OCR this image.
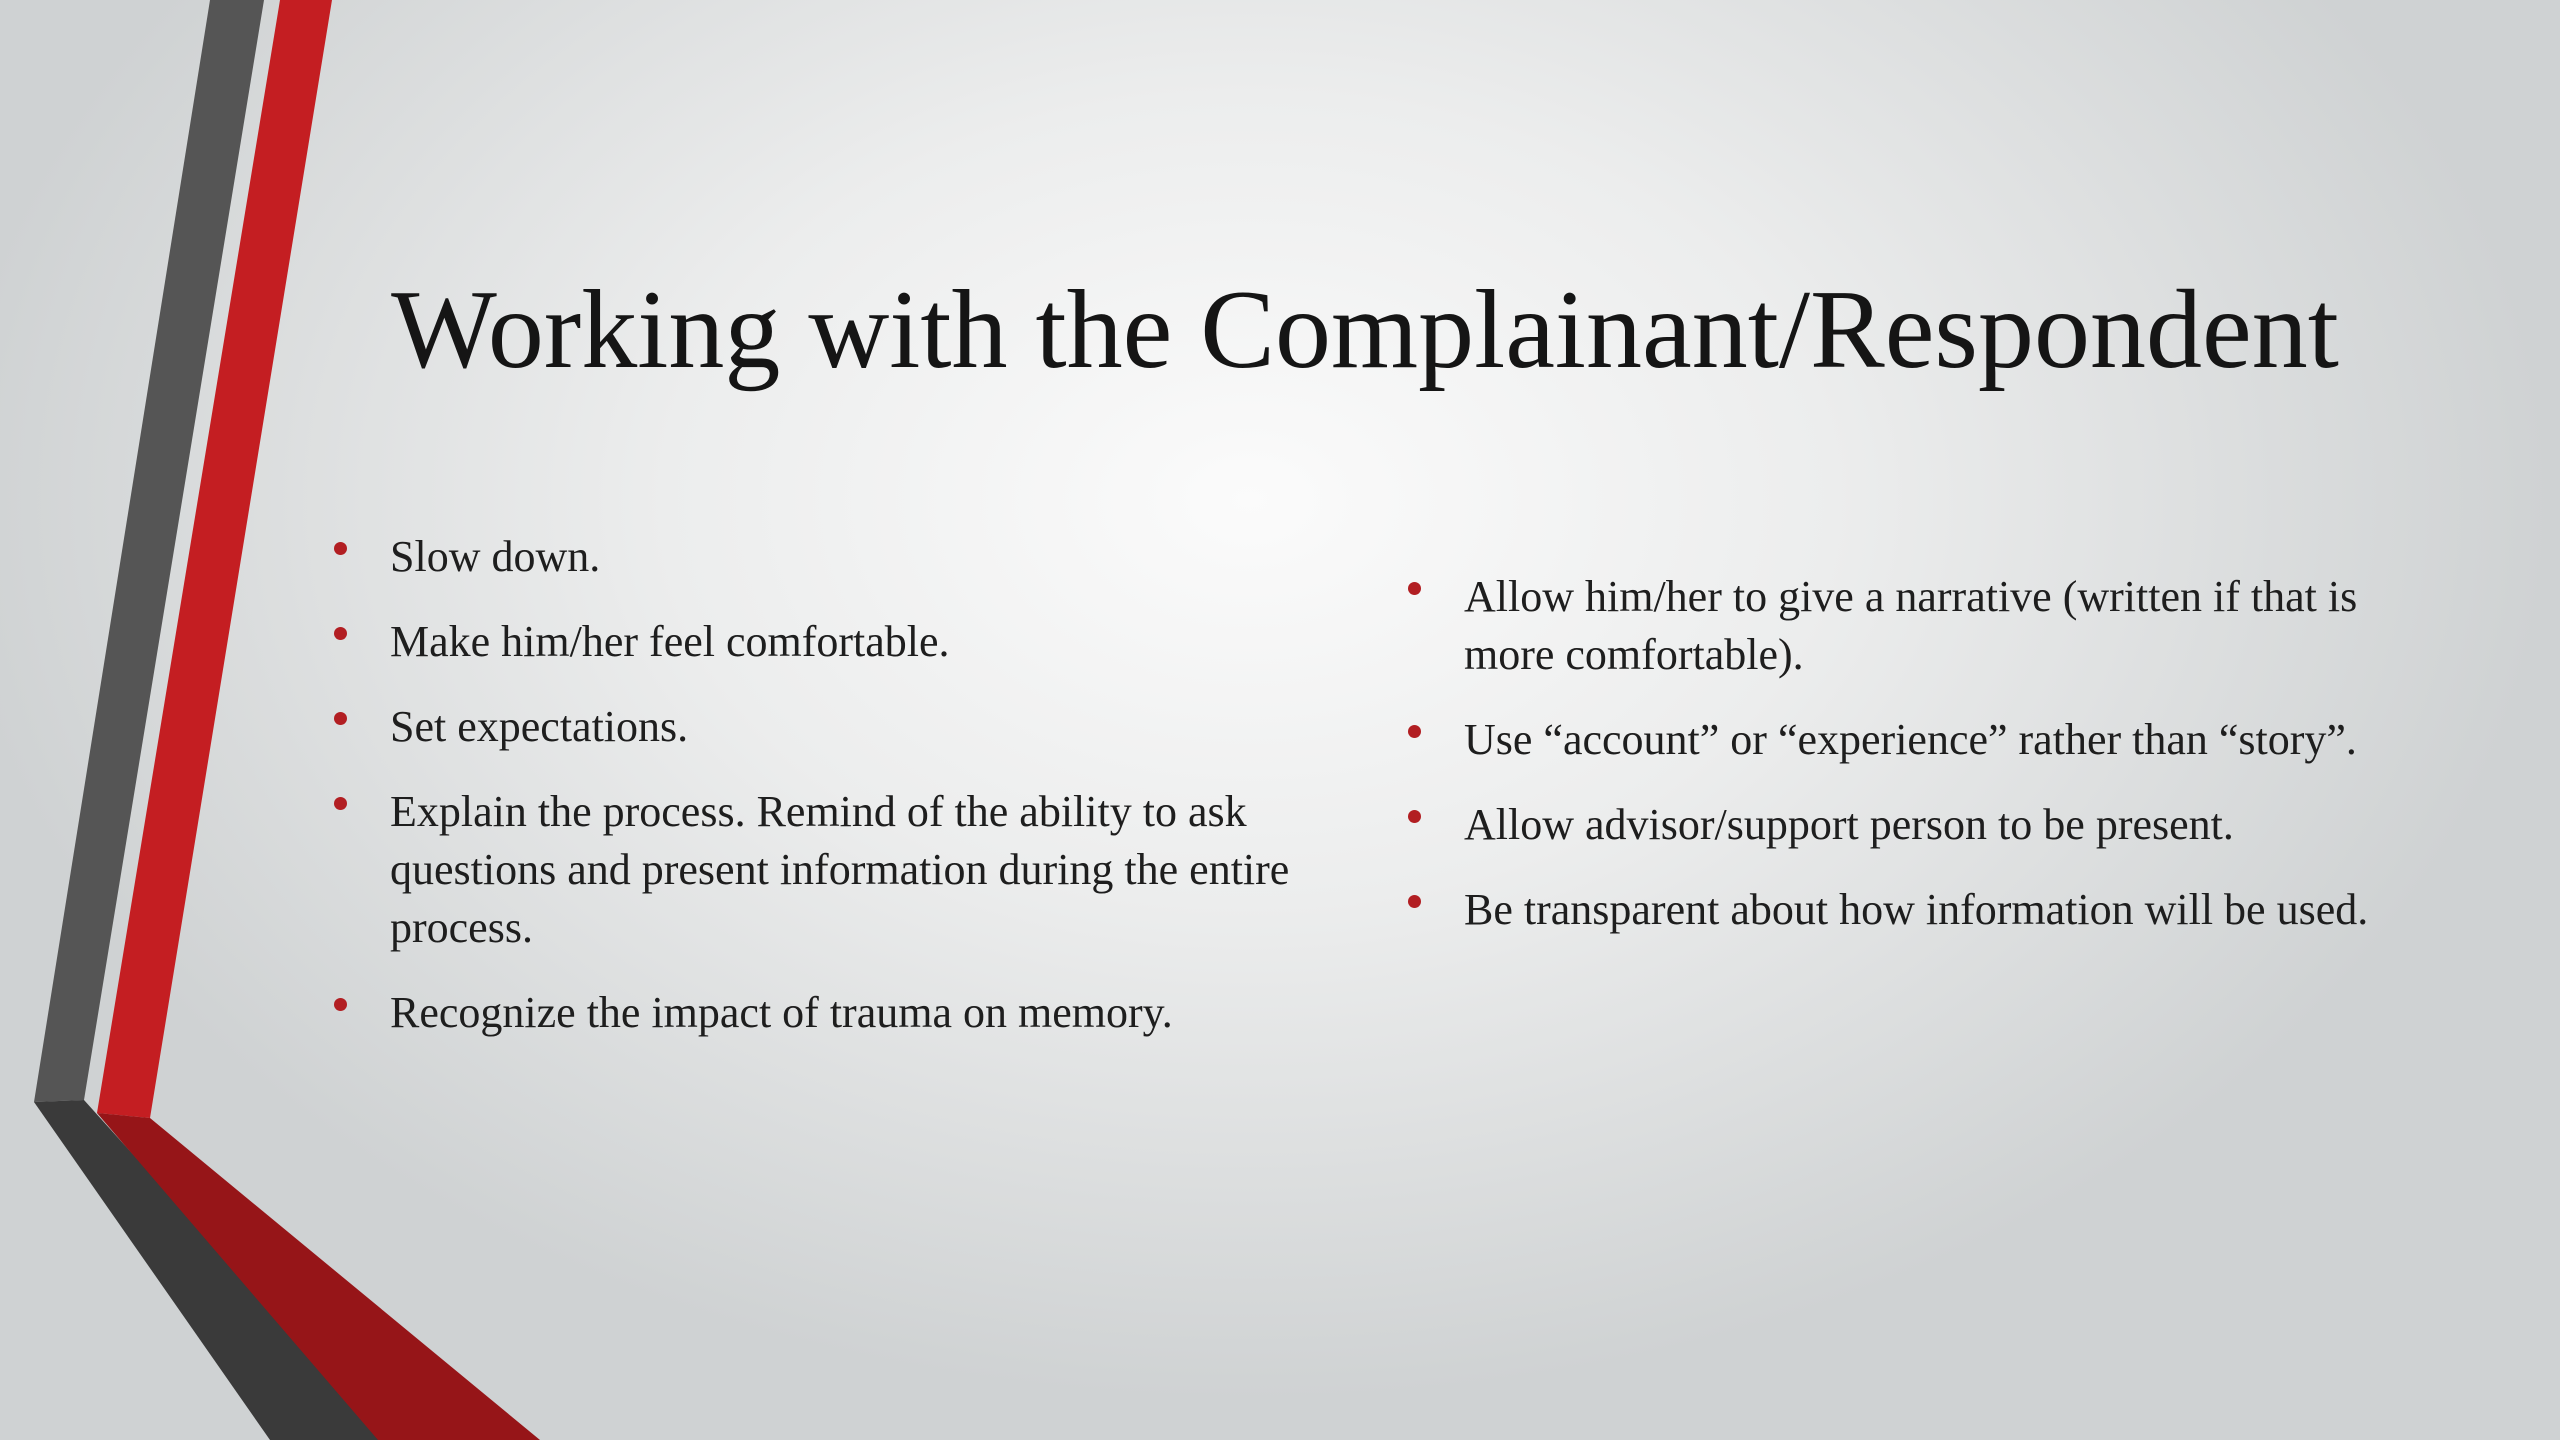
Working with the Complainant/Respondent
Slow down.
Make him/her feel comfortable.
Set expectations.
Explain the process. Remind of the ability to ask questions and present information during the entire process.
Recognize the impact of trauma on memory.
Allow him/her to give a narrative (written if that is more comfortable).
Use “account” or “experience” rather than “story”.
Allow advisor/support person to be present.
Be transparent about how information will be used.
